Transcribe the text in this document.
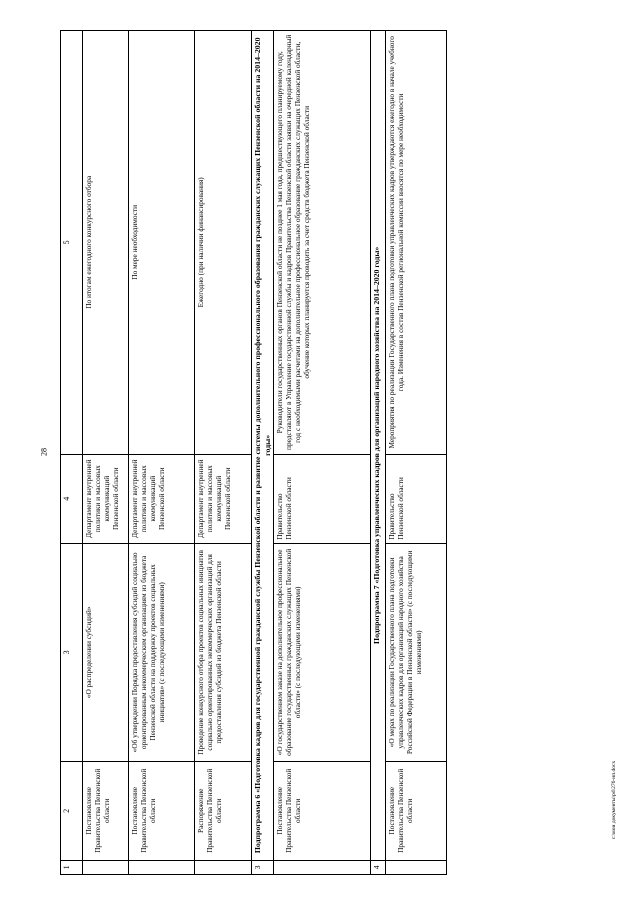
28
1	2	3	4	5
	Постановление Правительства Пензенской области	«О распределении субсидий»	Департамент внутренней политики и массовых коммуникаций Пензенской области	По итогам ежегодного конкурсного отбора
	Постановление Правительства Пензенской области	«Об утверждении Порядка предоставления субсидий социально ориентированным некоммерческим организациям из бюджета Пензенской области на поддержку проектов социальных инициатив» (с последующими изменениями)	Департамент внутренней политики и массовых коммуникаций Пензенской области	По мере необходимости
	Распоряжение Правительства Пензенской области	Проведение конкурсного отбора проектов социальных инициатив социально ориентированных некоммерческих организаций для предоставления субсидий из бюджета Пензенской области	Департамент внутренней политики и массовых коммуникаций Пензенской области	Ежегодно (при наличии финансирования)
3	Подпрограмма 6 «Подготовка кадров для государственной гражданской службы Пензенской области и развитие системы дополнительного профессионального образования гражданских служащих Пензенской области на 2014–2020 годы»			
	Постановление Правительства Пензенской области	«О государственном заказе на дополнительное профессиональное образование государственных гражданских служащих Пензенской области» (с последующими изменениями)	Правительство Пензенской области	Руководители государственных органов Пензенской области не позднее 1 мая года, предшествующего планируемому году, представляют в Управление государственной службы и кадров Правительства Пензенской области заявки на очередной календарный год с необходимыми расчетами на дополнительное профессиональное образование гражданских служащих Пензенской области, обучение которых планируется проводить за счет средств бюджета Пензенской области
4	Подпрограмма 7 «Подготовка управленческих кадров для организаций народного хозяйства на 2014–2020 годы»			
	Постановление Правительства Пензенской области	«О мерах по реализации Государственного плана подготовки управленческих кадров для организаций народного хозяйства Российской Федерации в Пензенской области» (с последующими изменениями)	Правительство Пензенской области	Мероприятия по реализации Государственного плана подготовки управленческих кадров утверждаются ежегодно в начале учебного года. Изменения в состав Пензенской региональной комиссии вносятся по мере необходимости
c:\мои документы\pd\276-нп.docx
